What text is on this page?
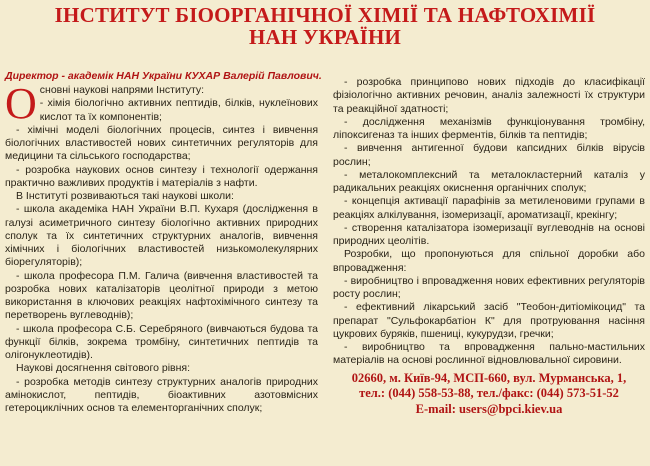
ІНСТИТУТ БІООРГАНІЧНОЇ ХІМІЇ ТА НАФТОХІМІЇ
НАН УКРАЇНИ

Директор - академік НАН України КУХАР Валерій Павлович.

Основні наукові напрями Інституту:

- хімія біологічно активних пептидів, білків, нуклеїнових кислот та їх компонентів;

- хімічні моделі біологічних процесів, синтез і вивчення біологічних властивостей нових синтетичних регуляторів для медицини та сільського господарства;

- розробка наукових основ синтезу і технології одержання практично важливих продуктів і матеріалів з нафти.

В Інституті розвиваються такі наукові школи:

- школа академіка НАН України В.П. Кухаря (дослідження в галузі асиметричного синтезу біологічно активних природних сполук та їх синтетичних структурних аналогів, вивчення хімічних і біологічних властивостей низькомолекулярних біорегуляторів);

- школа професора П.М. Галича (вивчення властивостей та розробка нових каталізаторів цеолітної природи з метою використання в ключових реакціях нафтохімічного синтезу та перетворень вуглеводнів);

- школа професора С.Б. Серебряного (вивчаються будова та функції білків, зокрема тромбіну, синтетичних пептидів та олігонуклеотидів).

Наукові досягнення світового рівня:

- розробка методів синтезу структурних аналогів природних амінокислот, пептидів, біоактивних азотовмісних гетероциклічних основ та елементорганічних сполук;

- розробка принципово нових підходів до класифікації фізіологічно активних речовин, аналіз залежності їх структури та реакційної здатності;

- дослідження механізмів функціонування тромбіну, ліпоксигеназ та інших ферментів, білків та пептидів;

- вивчення антигенної будови капсидних білків вірусів рослин;

- металокомплексний та металокластерний каталіз у радикальних реакціях окиснення органічних сполук;

- концепція активації парафінів за метиленовими групами в реакціях алкілування, ізомеризації, ароматизації, крекінгу;

- створення каталізатора ізомеризації вуглеводнів на основі природних цеолітів.

Розробки, що пропонуються для спільної доробки або впровадження:

- виробництво і впровадження нових ефективних регуляторів росту рослин;

- ефективний лікарський засіб "Теобон-дитіомікоцид" та препарат "Сульфокарбатіон К" для протруювання насіння цукрових буряків, пшениці, кукурудзи, гречки;

- виробництво та впровадження пально-мастильних матеріалів на основі рослинної відновлювальної сировини.

02660, м. Київ-94, МСП-660, вул. Мурманська, 1,
тел.: (044) 558-53-88, тел./факс: (044) 573-51-52
E-mail: users@bpci.kiev.ua
